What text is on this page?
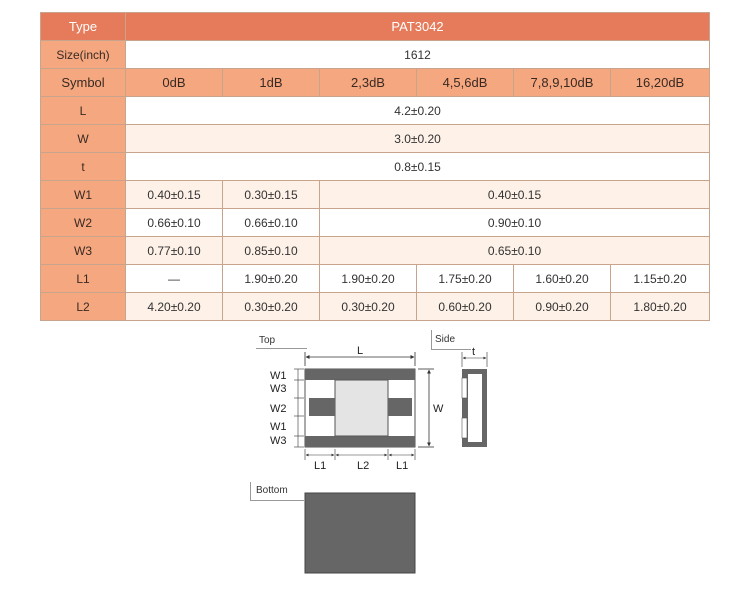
Type	PAT3042					
Size(inch)	1612					
Symbol	0dB	1dB	2,3dB	4,5,6dB	7,8,9,10dB	16,20dB
L	4.2±0.20					
W	3.0±0.20					
t	0.8±0.15					
W1	0.40±0.15	0.30±0.15	0.40±0.15			
W2	0.66±0.10	0.66±0.10	0.90±0.10			
W3	0.77±0.10	0.85±0.10	0.65±0.10			
L1	—	1.90±0.20	1.90±0.20	1.75±0.20	1.60±0.20	1.15±0.20
L2	4.20±0.20	0.30±0.20	0.30±0.20	0.60±0.20	0.90±0.20	1.80±0.20
L
W
W1
W3
W2
W1
W3
L1	L2 L1
t
Top	Side
Bottom
